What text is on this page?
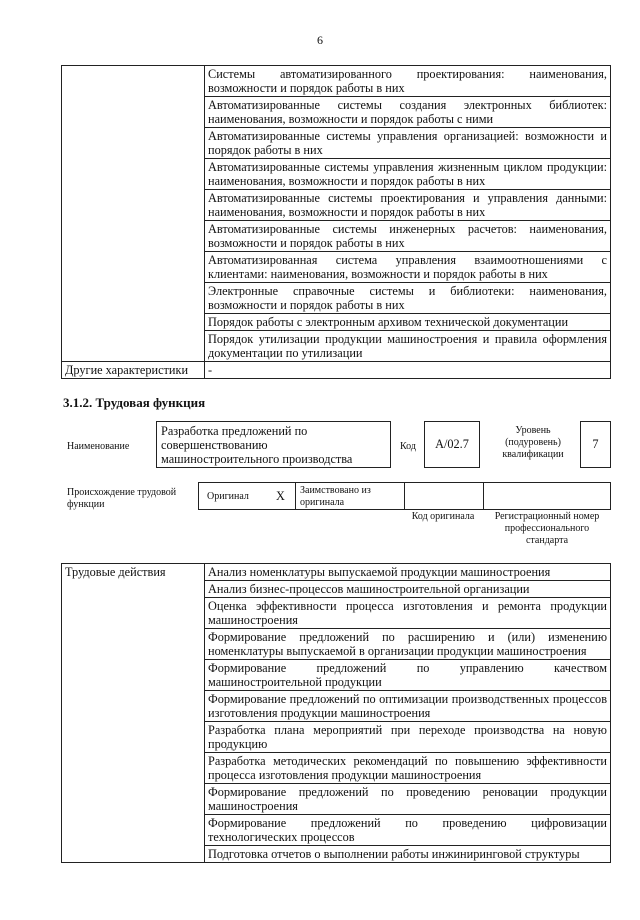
6
	Системы автоматизированного проектирования: наименования, возможности и порядок работы в них
	Автоматизированные системы создания электронных библиотек: наименования, возможности и порядок работы с ними
	Автоматизированные системы управления организацией: возможности и порядок работы в них
	Автоматизированные системы управления жизненным циклом продукции: наименования, возможности и порядок работы в них
	Автоматизированные системы проектирования и управления данными: наименования, возможности и порядок работы в них
	Автоматизированные системы инженерных расчетов: наименования, возможности и порядок работы в них
	Автоматизированная система управления взаимоотношениями с клиентами: наименования, возможности и порядок работы в них
	Электронные справочные системы и библиотеки: наименования, возможности и порядок работы в них
	Порядок работы с электронным архивом технической документации
	Порядок утилизации продукции машиностроения и правила оформления документации по утилизации
Другие характеристики	-
3.1.2. Трудовая функция
Наименование
Разработка предложений по совершенствованию машиностроительного производства
Код	А/02.7
Уровень (подуровень) квалификации
7
Происхождение трудовой функции
Оригинал Х Заимствовано из оригинала
Код оригинала	Регистрационный номер профессионального стандарта
Трудовые действия	Анализ номенклатуры выпускаемой продукции машиностроения
Анализ бизнес-процессов машиностроительной организации
Оценка эффективности процесса изготовления и ремонта продукции машиностроения
Формирование предложений по расширению и (или) изменению номенклатуры выпускаемой в организации продукции машиностроения
Формирование предложений по управлению качеством машиностроительной продукции
Формирование предложений по оптимизации производственных процессов изготовления продукции машиностроения
Разработка плана мероприятий при переходе производства на новую продукцию
Разработка методических рекомендаций по повышению эффективности процесса изготовления продукции машиностроения
Формирование предложений по проведению реновации продукции машиностроения
Формирование предложений по проведению цифровизации технологических процессов
Подготовка отчетов о выполнении работы инжиниринговой структуры
